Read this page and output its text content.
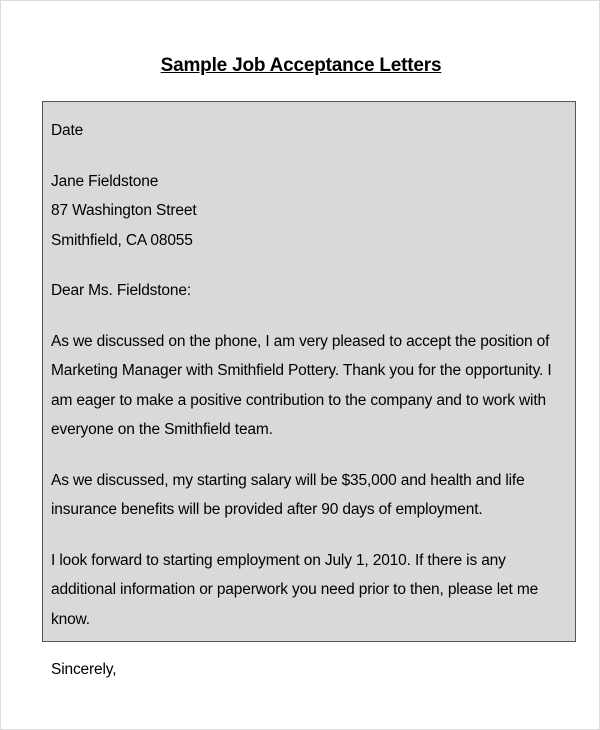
Sample Job Acceptance Letters

Date

Jane Fieldstone

87 Washington Street

Smithfield, CA 08055

Dear Ms. Fieldstone:

As we discussed on the phone, I am very pleased to accept the position of Marketing Manager with Smithfield Pottery. Thank you for the opportunity. I am eager to make a positive contribution to the company and to work with everyone on the Smithfield team.

As we discussed, my starting salary will be $35,000 and health and life insurance benefits will be provided after 90 days of employment.

I look forward to starting employment on July 1, 2010. If there is any additional information or paperwork you need prior to then, please let me know.

Sincerely,
